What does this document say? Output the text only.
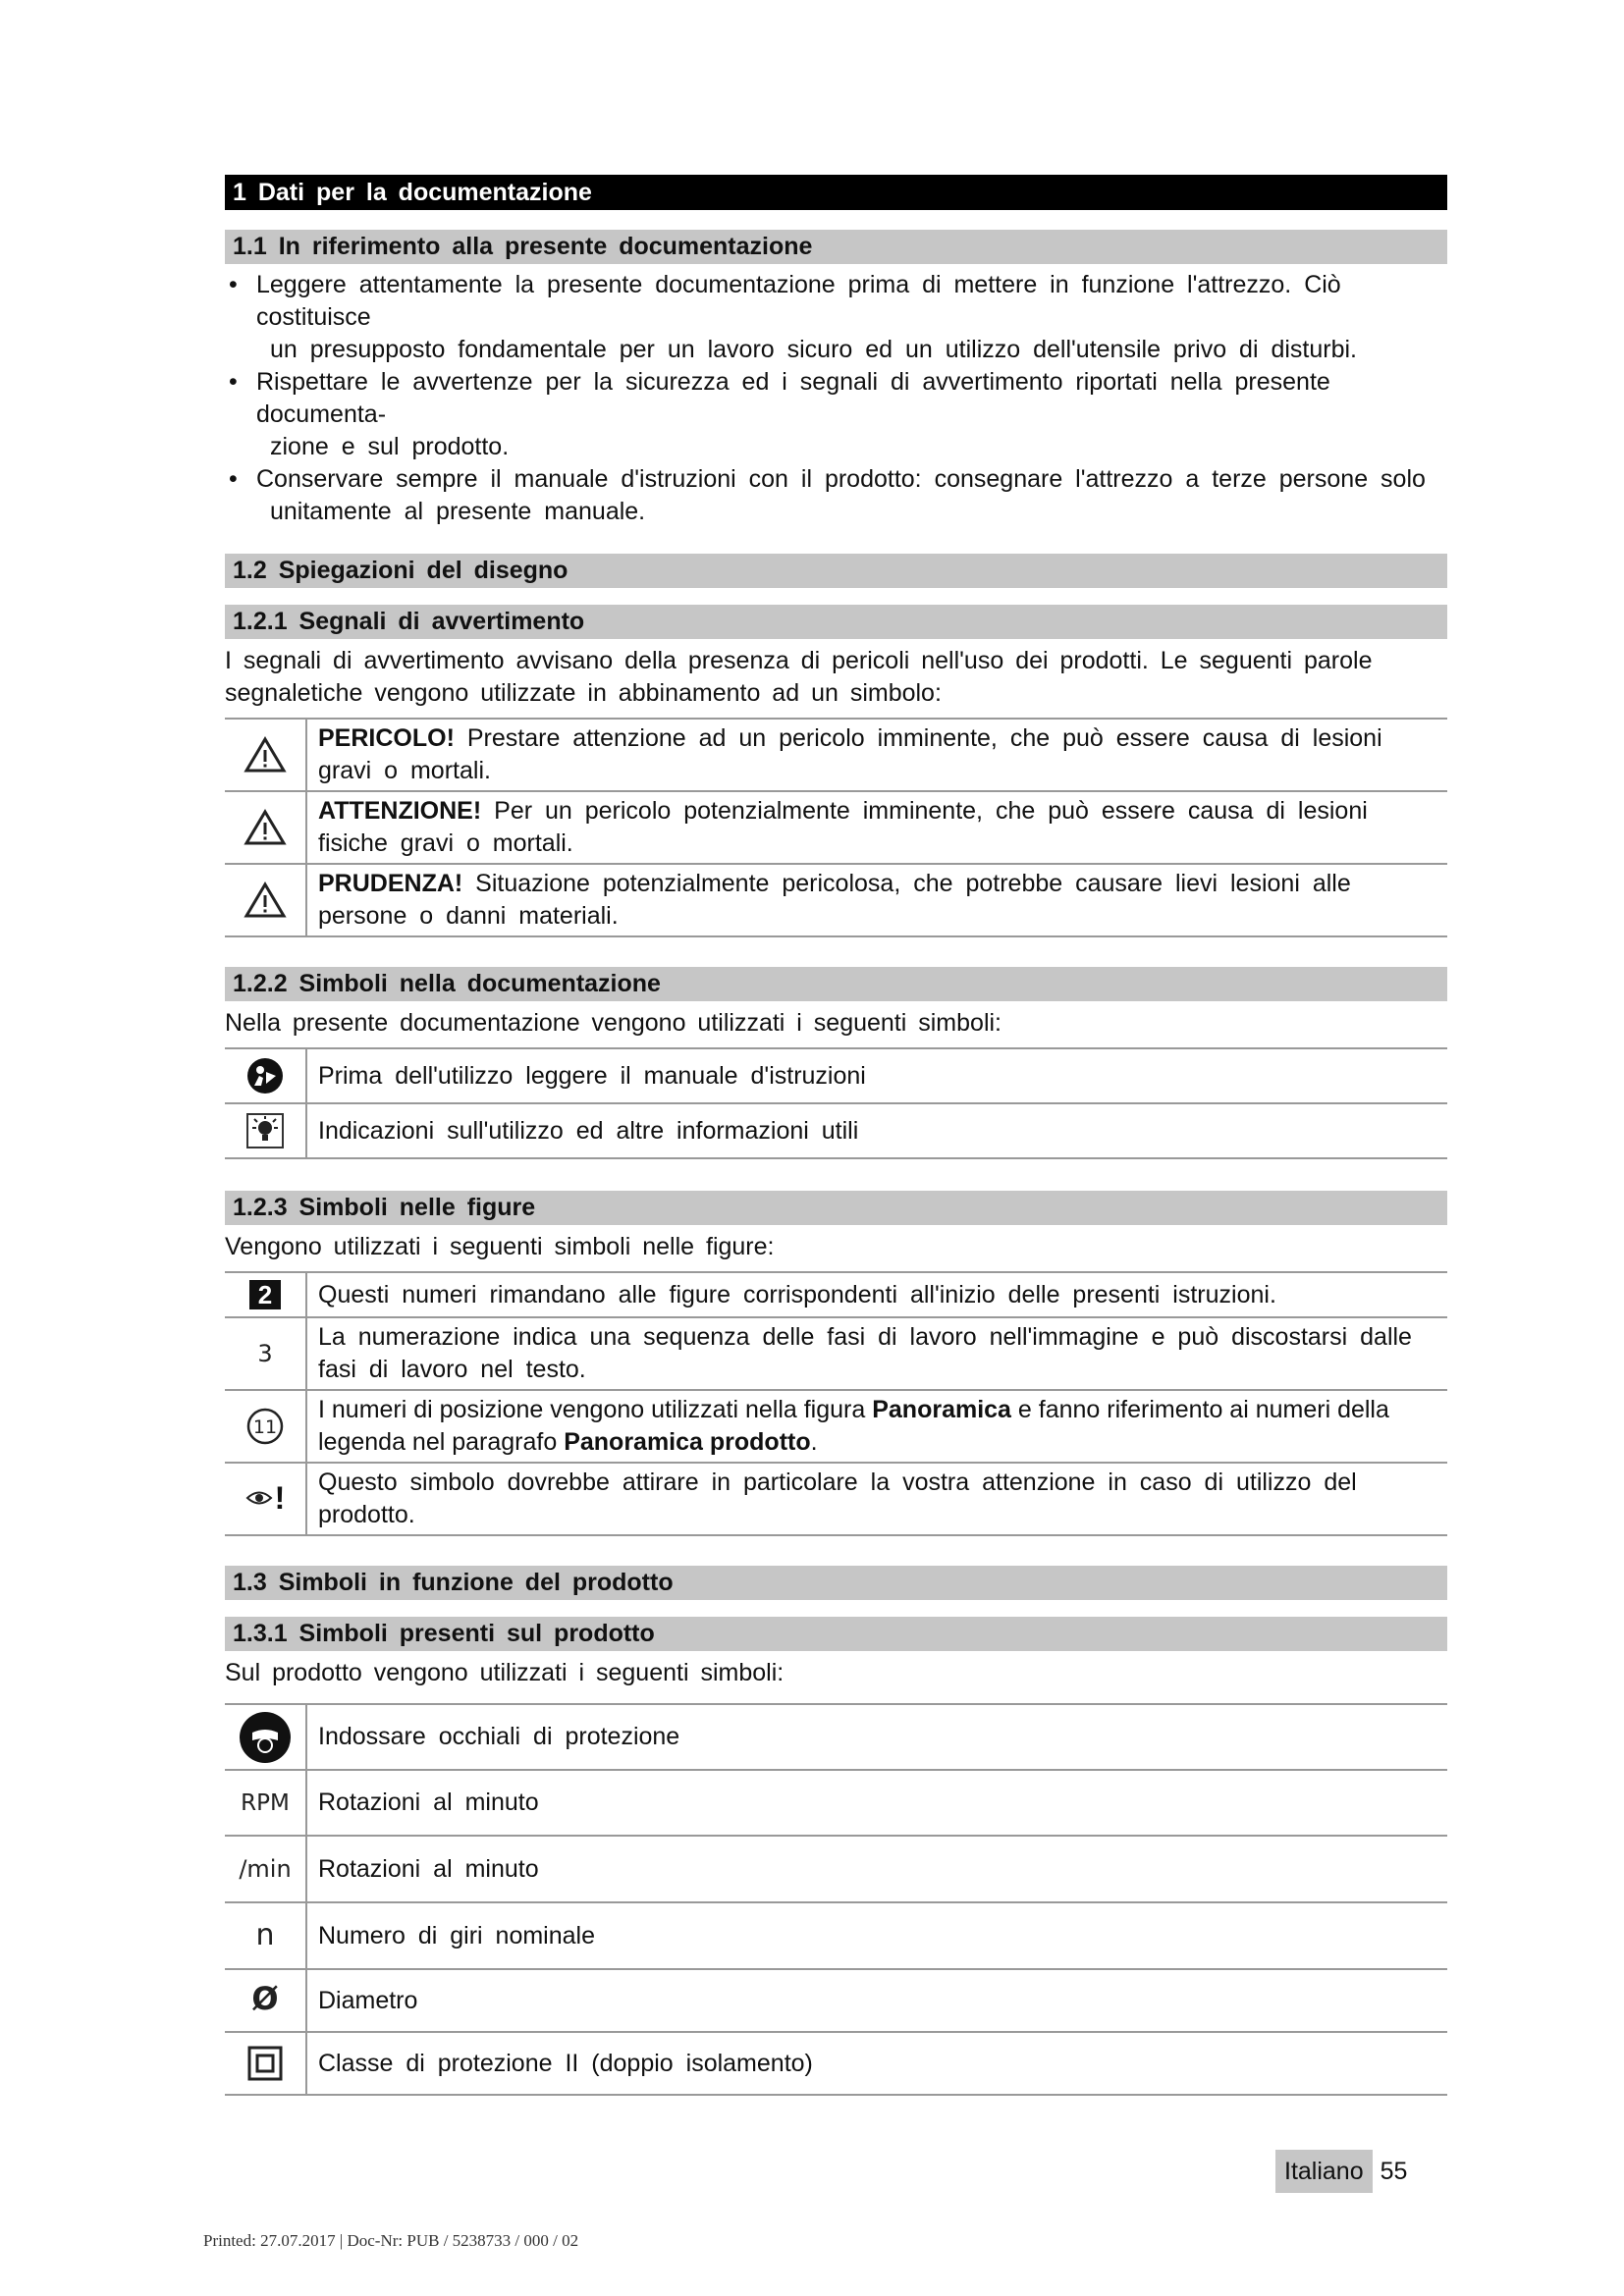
1 Dati per la documentazione
1.1 In riferimento alla presente documentazione
• Leggere attentamente la presente documentazione prima di mettere in funzione l'attrezzo. Ciò costituisce
un presupposto fondamentale per un lavoro sicuro ed un utilizzo dell'utensile privo di disturbi.
• Rispettare le avvertenze per la sicurezza ed i segnali di avvertimento riportati nella presente documenta-
zione e sul prodotto.
• Conservare sempre il manuale d'istruzioni con il prodotto: consegnare l'attrezzo a terze persone solo
unitamente al presente manuale.
1.2 Spiegazioni del disegno
1.2.1 Segnali di avvertimento

I segnali di avvertimento avvisano della presenza di pericoli nell'uso dei prodotti. Le seguenti parole segnaletiche vengono utilizzate in abbinamento ad un simbolo:

	PERICOLO! Prestare attenzione ad un pericolo imminente, che può essere causa di lesioni gravi o mortali.

	ATTENZIONE! Per un pericolo potenzialmente imminente, che può essere causa di lesioni fisiche gravi o mortali.

	PRUDENZA! Situazione potenzialmente pericolosa, che potrebbe causare lievi lesioni alle persone o danni materiali.
1.2.2 Simboli nella documentazione

Nella presente documentazione vengono utilizzati i seguenti simboli:

	Prima dell'utilizzo leggere il manuale d'istruzioni

	Indicazioni sull'utilizzo ed altre informazioni utili
1.2.3 Simboli nelle figure

Vengono utilizzati i seguenti simboli nelle figure:

2	Questi numeri rimandano alle figure corrispondenti all'inizio delle presenti istruzioni.
3	La numerazione indica una sequenza delle fasi di lavoro nell'immagine e può discostarsi dalle fasi di lavoro nel testo.

11	I numeri di posizione vengono utilizzati nella figura Panoramica e fanno riferimento ai numeri della legenda nel paragrafo Panoramica prodotto.

!	Questo simbolo dovrebbe attirare in particolare la vostra attenzione in caso di utilizzo del prodotto.
1.3 Simboli in funzione del prodotto
1.3.1 Simboli presenti sul prodotto

Sul prodotto vengono utilizzati i seguenti simboli:

	Indossare occhiali di protezione
RPM	Rotazioni al minuto
/min	Rotazioni al minuto
n	Numero di giri nominale
Ø	Diametro

	Classe di protezione II (doppio isolamento)
Italiano 55
Printed: 27.07.2017 | Doc-Nr: PUB / 5238733 / 000 / 02
